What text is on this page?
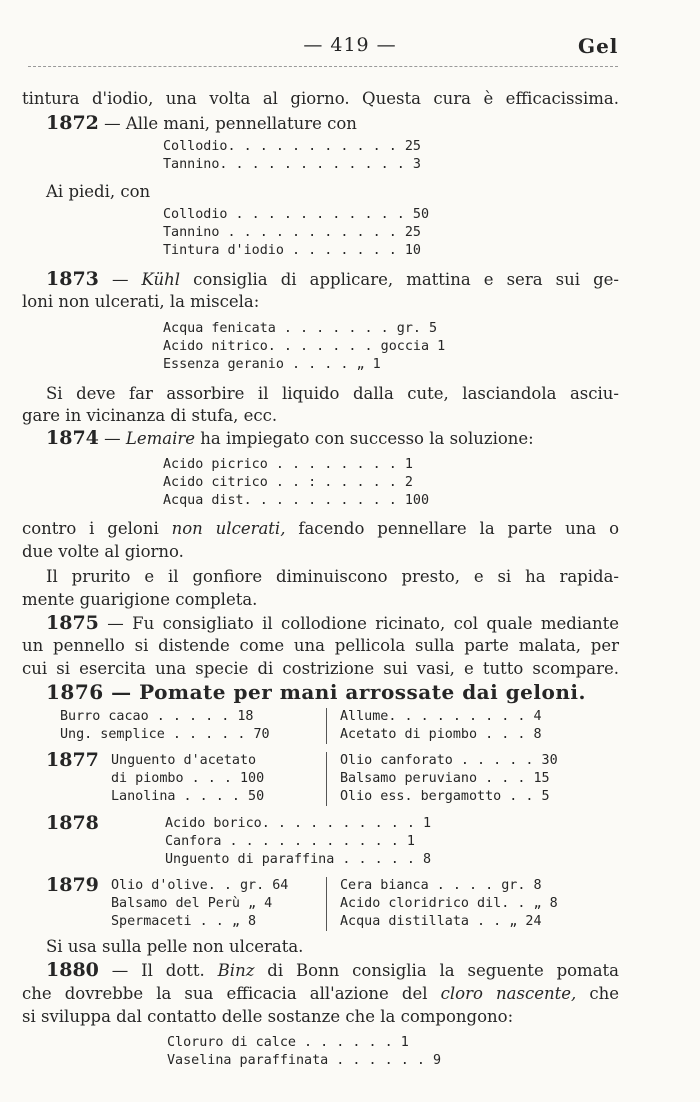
— 419 —	Gel
tintura d'iodio, una volta al giorno. Questa cura è efficacissima.
1872 — Alle mani, pennellature con
Collodio. . . . . . . . . . . 25
Tannino. . . . . . . . . . . . 3
Ai piedi, con
Collodio . . . . . . . . . . . 50
Tannino . . . . . . . . . . . 25
Tintura d'iodio . . . . . . . 10
1873 — Kühl consiglia di applicare, mattina e sera sui ge-
loni non ulcerati, la miscela:
Acqua fenicata . . . . . . . gr. 5
Acido nitrico. . . . . . . goccia 1
Essenza geranio . . . . „ 1
Si deve far assorbire il liquido dalla cute, lasciandola asciu-
gare in vicinanza di stufa, ecc.
1874 — Lemaire ha impiegato con successo la soluzione:
Acido picrico . . . . . . . . 1
Acido citrico . . : . . . . . 2
Acqua dist. . . . . . . . . . 100
contro i geloni non ulcerati, facendo pennellare la parte una o
due volte al giorno.
Il prurito e il gonfiore diminuiscono presto, e si ha rapida-
mente guarigione completa.
1875 — Fu consigliato il collodione ricinato, col quale mediante
un pennello si distende come una pellicola sulla parte malata, per
cui si esercita una specie di costrizione sui vasi, e tutto scompare.
1876 — Pomate per mani arrossate dai geloni.
Burro cacao . . . . . 18
Ung. semplice . . . . . 70
Allume. . . . . . . . . 4
Acetato di piombo . . . 8
1877 Unguento d'acetato
di piombo . . . 100
Lanolina . . . . 50
Olio canforato . . . . . 30
Balsamo peruviano . . . 15
Olio ess. bergamotto . . 5
1878	Acido borico. . . . . . . . . . 1
Canfora . . . . . . . . . . . 1
Unguento di paraffina . . . . . 8
1879 Olio d'olive. . gr. 64
Balsamo del Perù „ 4
Spermaceti . . „ 8
Cera bianca . . . . gr. 8
Acido cloridrico dil. . „ 8
Acqua distillata . . „ 24
Si usa sulla pelle non ulcerata.
1880 — Il dott. Binz di Bonn consiglia la seguente pomata
che dovrebbe la sua efficacia all'azione del cloro nascente, che
si sviluppa dal contatto delle sostanze che la compongono:
Cloruro di calce . . . . . . 1
Vaselina paraffinata . . . . . . 9
